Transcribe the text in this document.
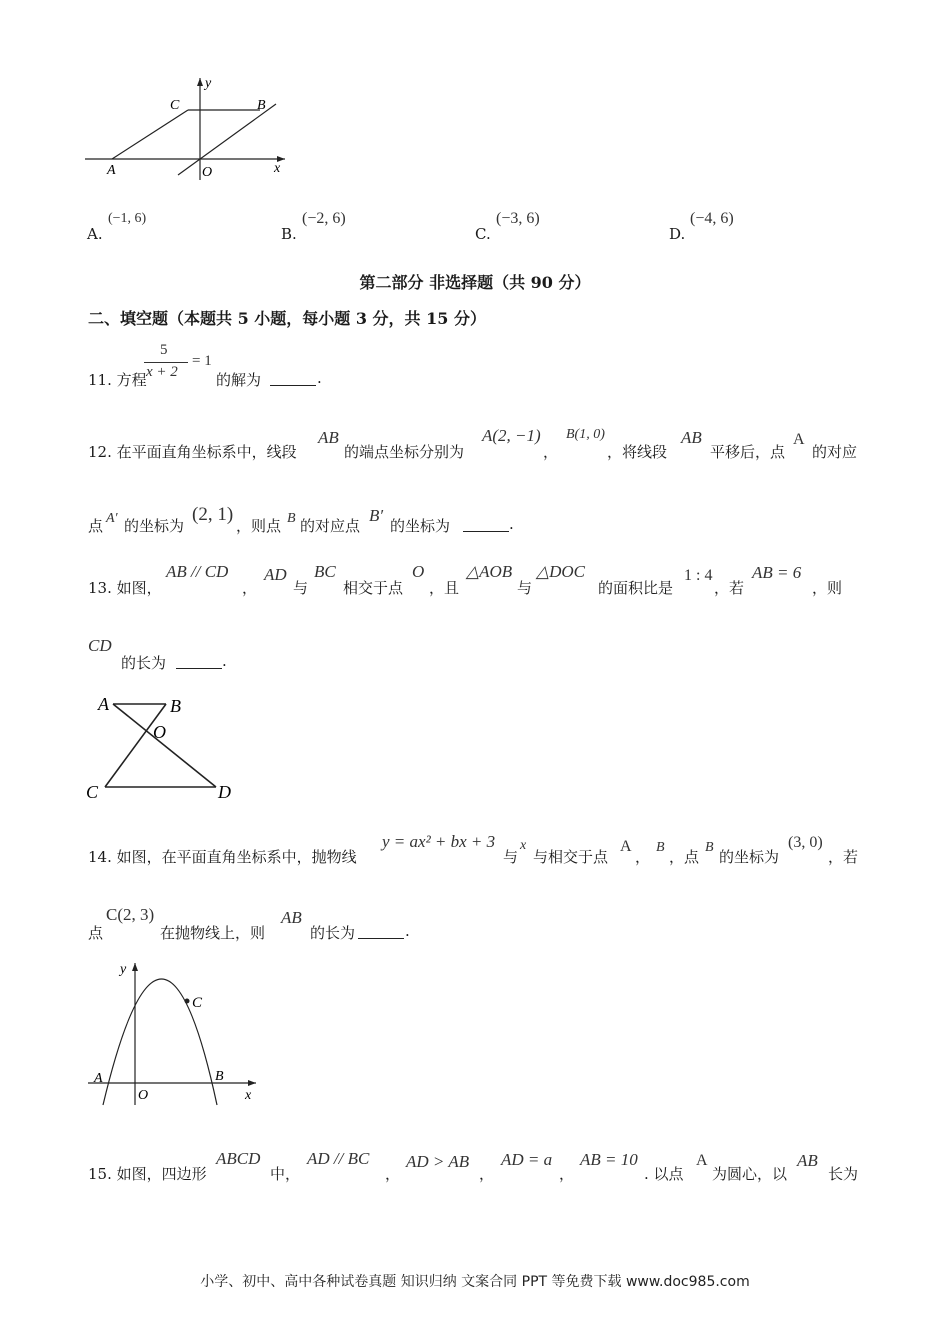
C	B
y
A	O	x
A.
(−1, 6)
B.
(−2, 6)
C.
(−3, 6)
D.
(−4, 6)
第二部分 非选择题（共 90 分）
二、填空题（本题共 5 小题，每小题 3 分，共 15 分）
11. 方程
5
x + 2
= 1
的解为	.
12. 在平面直角坐标系中，线段
AB
的端点坐标分别为
A(2, −1)
，
B(1, 0)
，将线段
AB
平移后，点
A
的对应
点 A′ 的坐标为
(2, 1)
，则点 B 的对应点
B′
的坐标为	.
13. 如图，
AB // CD
，
AD
与
BC
相交于点
O
，且
△AOB
与
△DOC
的面积比是
1 : 4
，若
AB = 6
，则
CD
的长为	.
A	B
O
C	D
14. 如图，在平面直角坐标系中，抛物线
y = ax² + bx + 3
与
x
与相交于点
A
，
B
，点
B
的坐标为
(3, 0)
，若
点
C(2, 3)
在抛物线上，则
AB
的长为	.
y
C
A	B
O	x
15. 如图，四边形
ABCD
中，
AD // BC
，
AD > AB
，
AD = a
，
AB = 10
. 以点
A
为圆心，以
AB
长为
小学、初中、高中各种试卷真题 知识归纳 文案合同 PPT 等免费下载 www.doc985.com
